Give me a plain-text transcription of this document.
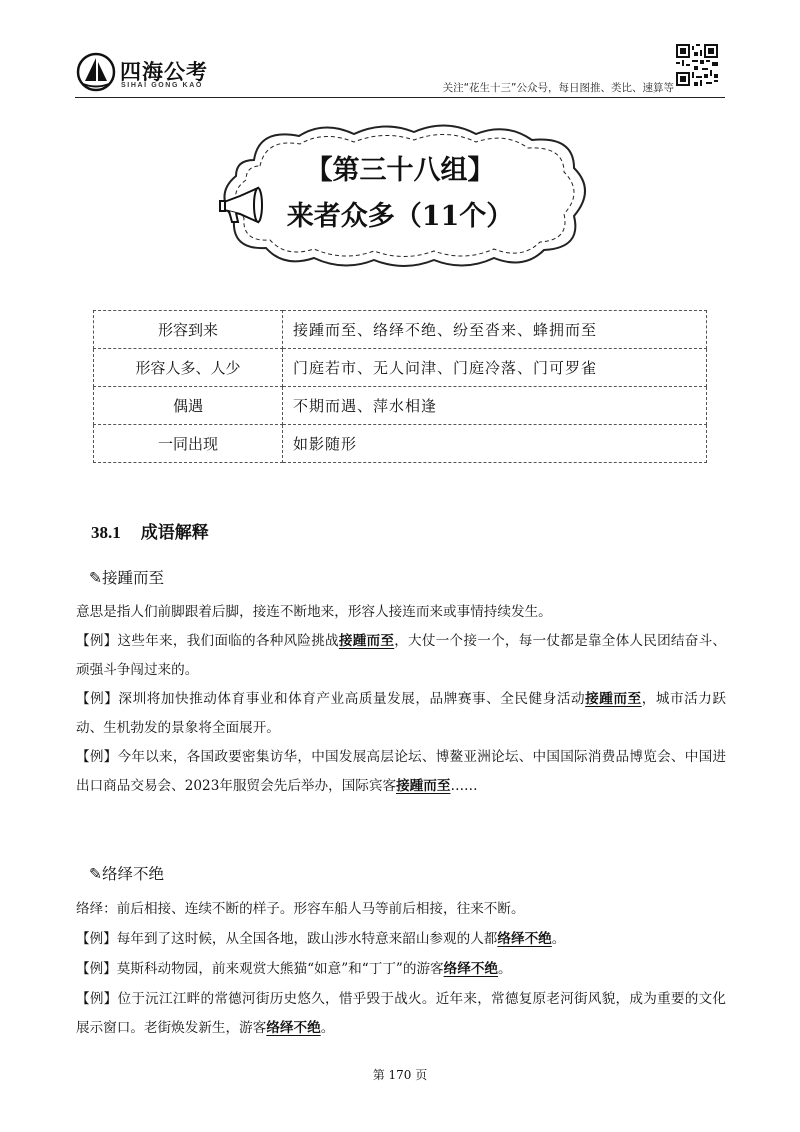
四海公考
SIHAI GONG KAO	关注“花生十三”公众号，每日图推、类比、速算等
【第三十八组】
来者众多（11个）
形容到来	接踵而至、络绎不绝、纷至沓来、蜂拥而至
形容人多、人少	门庭若市、无人问津、门庭冷落、门可罗雀
偶遇	不期而遇、萍水相逢
一同出现	如影随形
38.1 成语解释
✎接踵而至
意思是指人们前脚跟着后脚，接连不断地来，形容人接连而来或事情持续发生。
【例】这些年来，我们面临的各种风险挑战接踵而至，大仗一个接一个，每一仗都是靠全体人民团结奋斗、顽强斗争闯过来的。
【例】深圳将加快推动体育事业和体育产业高质量发展，品牌赛事、全民健身活动接踵而至，城市活力跃动、生机勃发的景象将全面展开。
【例】今年以来，各国政要密集访华，中国发展高层论坛、博鳌亚洲论坛、中国国际消费品博览会、中国进出口商品交易会、2023年服贸会先后举办，国际宾客接踵而至……
✎络绎不绝
络绎：前后相接、连续不断的样子。形容车船人马等前后相接，往来不断。
【例】每年到了这时候，从全国各地，跋山涉水特意来韶山参观的人都络绎不绝。
【例】莫斯科动物园，前来观赏大熊猫“如意”和“丁丁”的游客络绎不绝。
【例】位于沅江江畔的常德河街历史悠久，惜乎毁于战火。近年来，常德复原老河街风貌，成为重要的文化展示窗口。老街焕发新生，游客络绎不绝。
第 170 页
